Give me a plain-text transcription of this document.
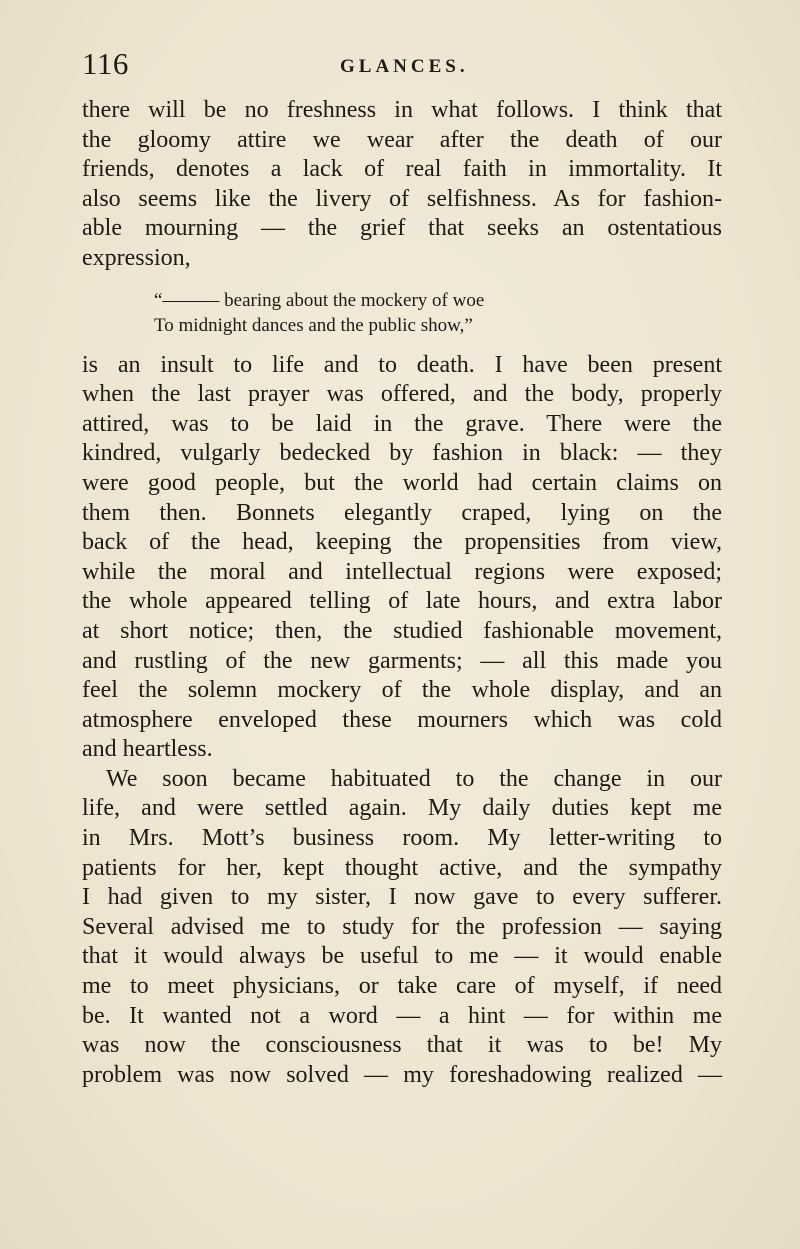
116	GLANCES.
there will be no freshness in what follows. I think that
the gloomy attire we wear after the death of our
friends, denotes a lack of real faith in immortality. It
also seems like the livery of selfishness. As for fashion-
able mourning — the grief that seeks an ostentatious
expression,
“——— bearing about the mockery of woe
To midnight dances and the public show,”
is an insult to life and to death. I have been present
when the last prayer was offered, and the body, properly
attired, was to be laid in the grave. There were the
kindred, vulgarly bedecked by fashion in black: — they
were good people, but the world had certain claims on
them then. Bonnets elegantly craped, lying on the
back of the head, keeping the propensities from view,
while the moral and intellectual regions were exposed;
the whole appeared telling of late hours, and extra labor
at short notice; then, the studied fashionable movement,
and rustling of the new garments; — all this made you
feel the solemn mockery of the whole display, and an
atmosphere enveloped these mourners which was cold
and heartless.
We soon became habituated to the change in our
life, and were settled again. My daily duties kept me
in Mrs. Mott’s business room. My letter-writing to
patients for her, kept thought active, and the sympathy
I had given to my sister, I now gave to every sufferer.
Several advised me to study for the profession — saying
that it would always be useful to me — it would enable
me to meet physicians, or take care of myself, if need
be. It wanted not a word — a hint — for within me
was now the consciousness that it was to be! My
problem was now solved — my foreshadowing realized —
